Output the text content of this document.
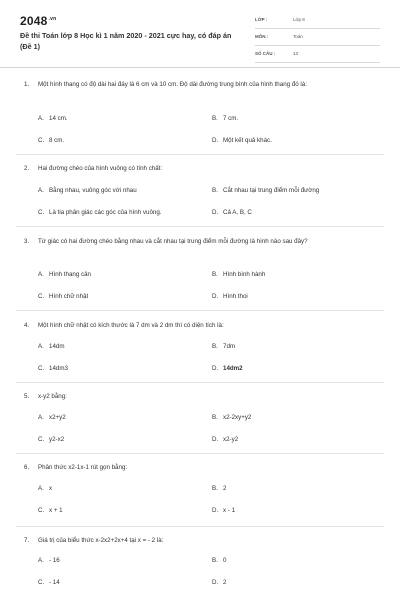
$2048^{.vn}$
Đề thi Toán lớp 8 Học kì 1 năm 2020 - 2021 cực hay, có đáp án (Đề 1)
LỚP :	Lớp 8
MÔN :	Toán
SỐ CÂU :	13
1. Một hình thang có độ dài hai đáy là 6 cm và 10 cm. Độ dài đường trung bình của hình thang đó là:
A. 14 cm.	B. 7 cm.
C. 8 cm.	D. Một kết quả khác.
2. Hai đường chéo của hình vuông có tính chất:
A. Bằng nhau, vuông góc với nhau	B. Cắt nhau tại trung điểm mỗi đường
C. Là tia phân giác các góc của hình vuông.	D. Cả A, B, C
3. Tứ giác có hai đường chéo bằng nhau và cắt nhau tại trung điểm mỗi đường là hình nào sau đây?
A. Hình thang cân	B. Hình bình hành
C. Hình chữ nhật	D. Hình thoi
4. Một hình chữ nhật có kích thước là 7 dm và 2 dm thì có diện tích là:
A. 14dm	B. 7dm
C. 14dm3	D. 14dm2
5. x-y2 bằng:
A. x2+y2	B. x2-2xy+y2
C. y2-x2	D. x2-y2
6. Phân thức x2-1x-1 rút gọn bằng:
A. x	B. 2
C. x + 1	D. x - 1
7. Giá trị của biểu thức x-2x2+2x+4 tại x = - 2 là:
A. - 16	B. 0
C. - 14	D. 2
